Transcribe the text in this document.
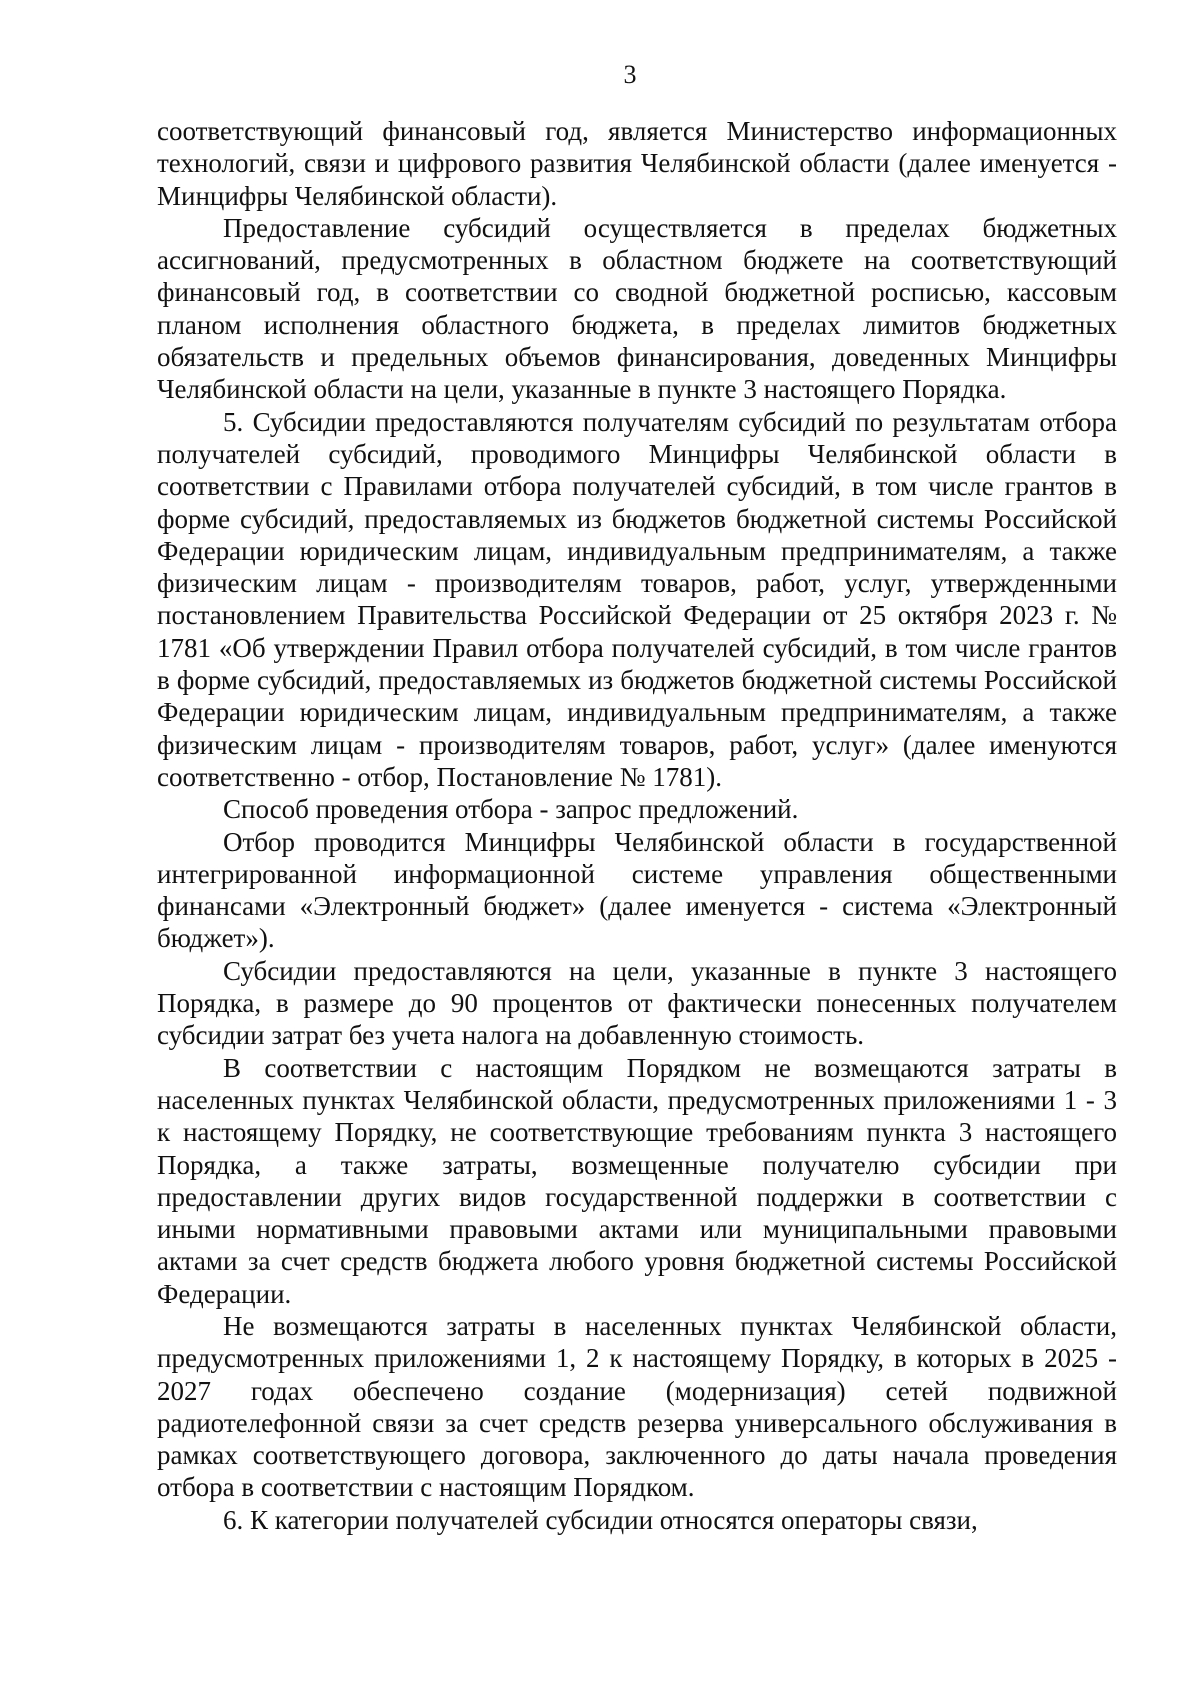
3

соответствующий финансовый год, является Министерство информационных технологий, связи и цифрового развития Челябинской области (далее именуется - Минцифры Челябинской области).

Предоставление субсидий осуществляется в пределах бюджетных ассигнований, предусмотренных в областном бюджете на соответствующий финансовый год, в соответствии со сводной бюджетной росписью, кассовым планом исполнения областного бюджета, в пределах лимитов бюджетных обязательств и предельных объемов финансирования, доведенных Минцифры Челябинской области на цели, указанные в пункте 3 настоящего Порядка.

5. Субсидии предоставляются получателям субсидий по результатам отбора получателей субсидий, проводимого Минцифры Челябинской области в соответствии с Правилами отбора получателей субсидий, в том числе грантов в форме субсидий, предоставляемых из бюджетов бюджетной системы Российской Федерации юридическим лицам, индивидуальным предпринимателям, а также физическим лицам - производителям товаров, работ, услуг, утвержденными постановлением Правительства Российской Федерации от 25 октября 2023 г. № 1781 «Об утверждении Правил отбора получателей субсидий, в том числе грантов в форме субсидий, предоставляемых из бюджетов бюджетной системы Российской Федерации юридическим лицам, индивидуальным предпринимателям, а также физическим лицам - производителям товаров, работ, услуг» (далее именуются соответственно - отбор, Постановление № 1781).

Способ проведения отбора - запрос предложений.

Отбор проводится Минцифры Челябинской области в государственной интегрированной информационной системе управления общественными финансами «Электронный бюджет» (далее именуется - система «Электронный бюджет»).

Субсидии предоставляются на цели, указанные в пункте 3 настоящего Порядка, в размере до 90 процентов от фактически понесенных получателем субсидии затрат без учета налога на добавленную стоимость.

В соответствии с настоящим Порядком не возмещаются затраты в населенных пунктах Челябинской области, предусмотренных приложениями 1 - 3 к настоящему Порядку, не соответствующие требованиям пункта 3 настоящего Порядка, а также затраты, возмещенные получателю субсидии при предоставлении других видов государственной поддержки в соответствии с иными нормативными правовыми актами или муниципальными правовыми актами за счет средств бюджета любого уровня бюджетной системы Российской Федерации.

Не возмещаются затраты в населенных пунктах Челябинской области, предусмотренных приложениями 1, 2 к настоящему Порядку, в которых в 2025 - 2027 годах обеспечено создание (модернизация) сетей подвижной радиотелефонной связи за счет средств резерва универсального обслуживания в рамках соответствующего договора, заключенного до даты начала проведения отбора в соответствии с настоящим Порядком.

6. К категории получателей субсидии относятся операторы связи,
